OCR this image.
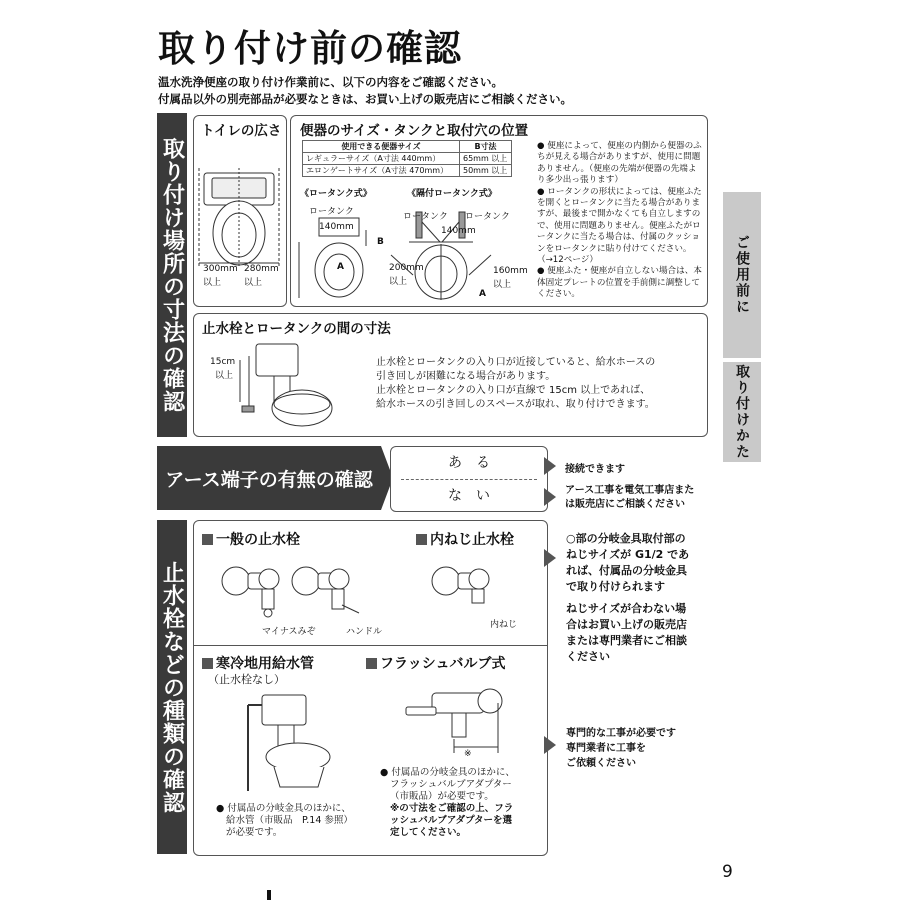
取り付け前の確認
温水洗浄便座の取り付け作業前に、以下の内容をご確認ください。
付属品以外の別売部品が必要なときは、お買い上げの販売店にご相談ください。
ご使用前に
取り付けかた
取り付け場所の寸法の確認
トイレの広さ
300mm
以上
280mm
以上
便器のサイズ・タンクと取付穴の位置
使用できる便器サイズ	B寸法
レギュラーサイズ（A寸法 440mm）	65mm 以上
エロンゲートサイズ（A寸法 470mm）	50mm 以上
《ロータンク式》	《隔付ロータンク式》
ロータンク
140mm
B
A
ロータンク ロータンク
140mm
200mm
以上
160mm
以上
A
● 便座によって、便座の内側から便器のふちが見える場合がありますが、使用に問題ありません。（便座の先端が便器の先端より多少出っ張ります）
● ロータンクの形状によっては、便座ふたを開くとロータンクに当たる場合がありますが、最後まで開かなくても自立しますので、使用に問題ありません。便座ふたがロータンクに当たる場合は、付属のクッションをロータンクに貼り付けてください。（→12ページ）
● 便座ふた・便座が自立しない場合は、本体固定プレートの位置を手前側に調整してください。
止水栓とロータンクの間の寸法
15cm
以上
止水栓とロータンクの入り口が近接していると、給水ホースの
引き回しが困難になる場合があります。
止水栓とロータンクの入り口が直線で 15cm 以上であれば、
給水ホースの引き回しのスペースが取れ、取り付けできます。
アース端子の有無の確認
あ　る
な　い
接続できます
アース工事を電気工事店また
は販売店にご相談ください
止水栓などの種類の確認
一般の止水栓	内ねじ止水栓
マイナスみぞ	ハンドル
内ねじ
寒冷地用給水管
（止水栓なし）
フラッシュバルブ式
※
● 付属品の分岐金具のほかに、
給水管（市販品　P.14 参照）
が必要です。
● 付属品の分岐金具のほかに、
フラッシュバルブアダプター
（市販品）が必要です。
※の寸法をご確認の上、フラ
ッシュバルブアダプターを選
定してください。
○部の分岐金具取付部の
ねじサイズが G1/2 であ
れば、付属品の分岐金具
で取り付けられます
ねじサイズが合わない場
合はお買い上げの販売店
または専門業者にご相談
ください
専門的な工事が必要です
専門業者に工事を
ご依頼ください
9
